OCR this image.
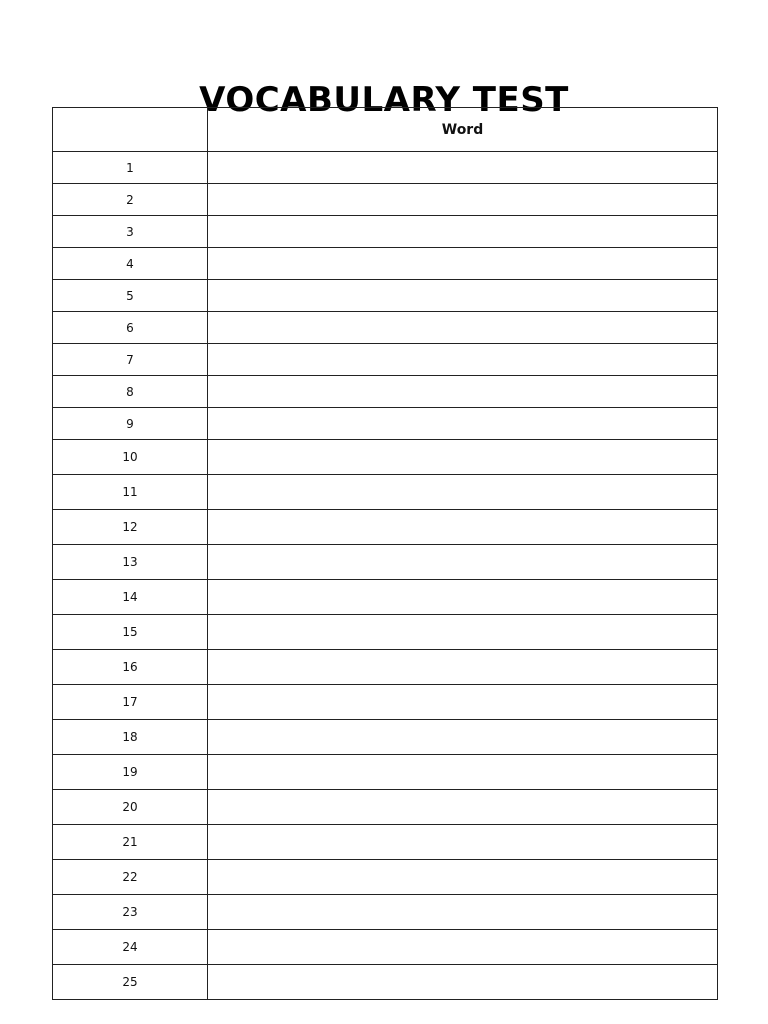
VOCABULARY TEST
	Word
1	
2	
3	
4	
5	
6	
7	
8	
9	
10	
11	
12	
13	
14	
15	
16	
17	
18	
19	
20	
21	
22	
23	
24	
25	
